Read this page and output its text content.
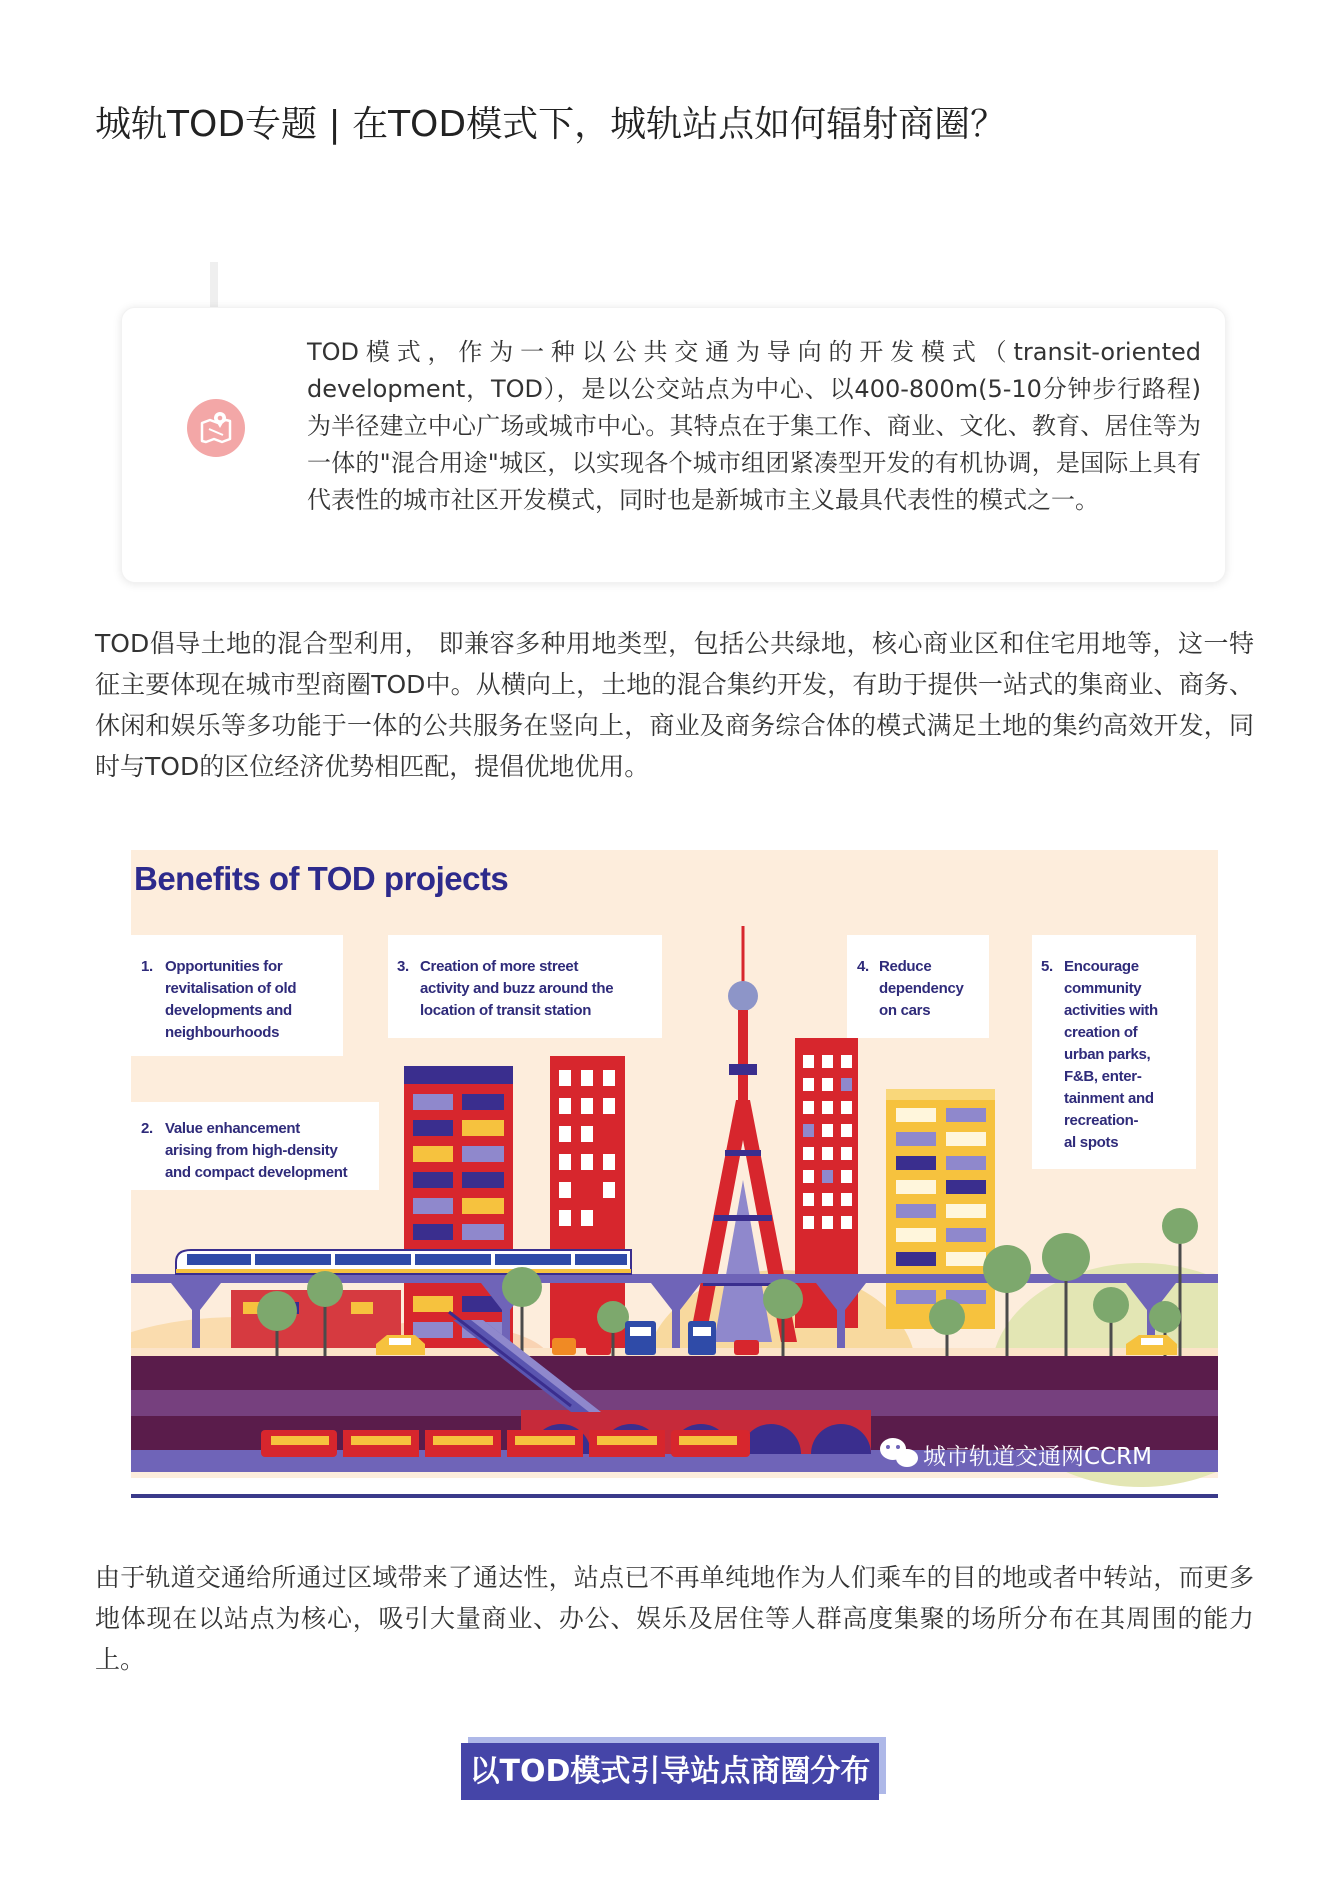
城轨TOD专题 | 在TOD模式下，城轨站点如何辐射商圈？

TOD模式，作为一种以公共交通为导向的开发模式（transit-oriented development，TOD），是以公交站点为中心、以400-800m(5-10分钟步行路程)为半径建立中心广场或城市中心。其特点在于集工作、商业、文化、教育、居住等为一体的"混合用途"城区，以实现各个城市组团紧凑型开发的有机协调，是国际上具有代表性的城市社区开发模式，同时也是新城市主义最具代表性的模式之一。

TOD倡导土地的混合型利用， 即兼容多种用地类型，包括公共绿地，核心商业区和住宅用地等，这一特征主要体现在城市型商圈TOD中。从横向上，土地的混合集约开发，有助于提供一站式的集商业、商务、休闲和娱乐等多功能于一体的公共服务在竖向上，商业及商务综合体的模式满足土地的集约高效开发，同时与TOD的区位经济优势相匹配，提倡优地优用。

城市轨道交通网CCRM
Benefits of TOD projects
1. Opportunities for
revitalisation of old
developments and
neighbourhoods
2. Value enhancement
arising from high-density
and compact development
3. Creation of more street
activity and buzz around the
location of transit station
4. Reduce
dependency
on cars
5. Encourage
community
activities with
creation of
urban parks,
F&B, enter-
tainment and
recreation-
al spots

由于轨道交通给所通过区域带来了通达性，站点已不再单纯地作为人们乘车的目的地或者中转站，而更多地体现在以站点为核心，吸引大量商业、办公、娱乐及居住等人群高度集聚的场所分布在其周围的能力上。

以TOD模式引导站点商圈分布
